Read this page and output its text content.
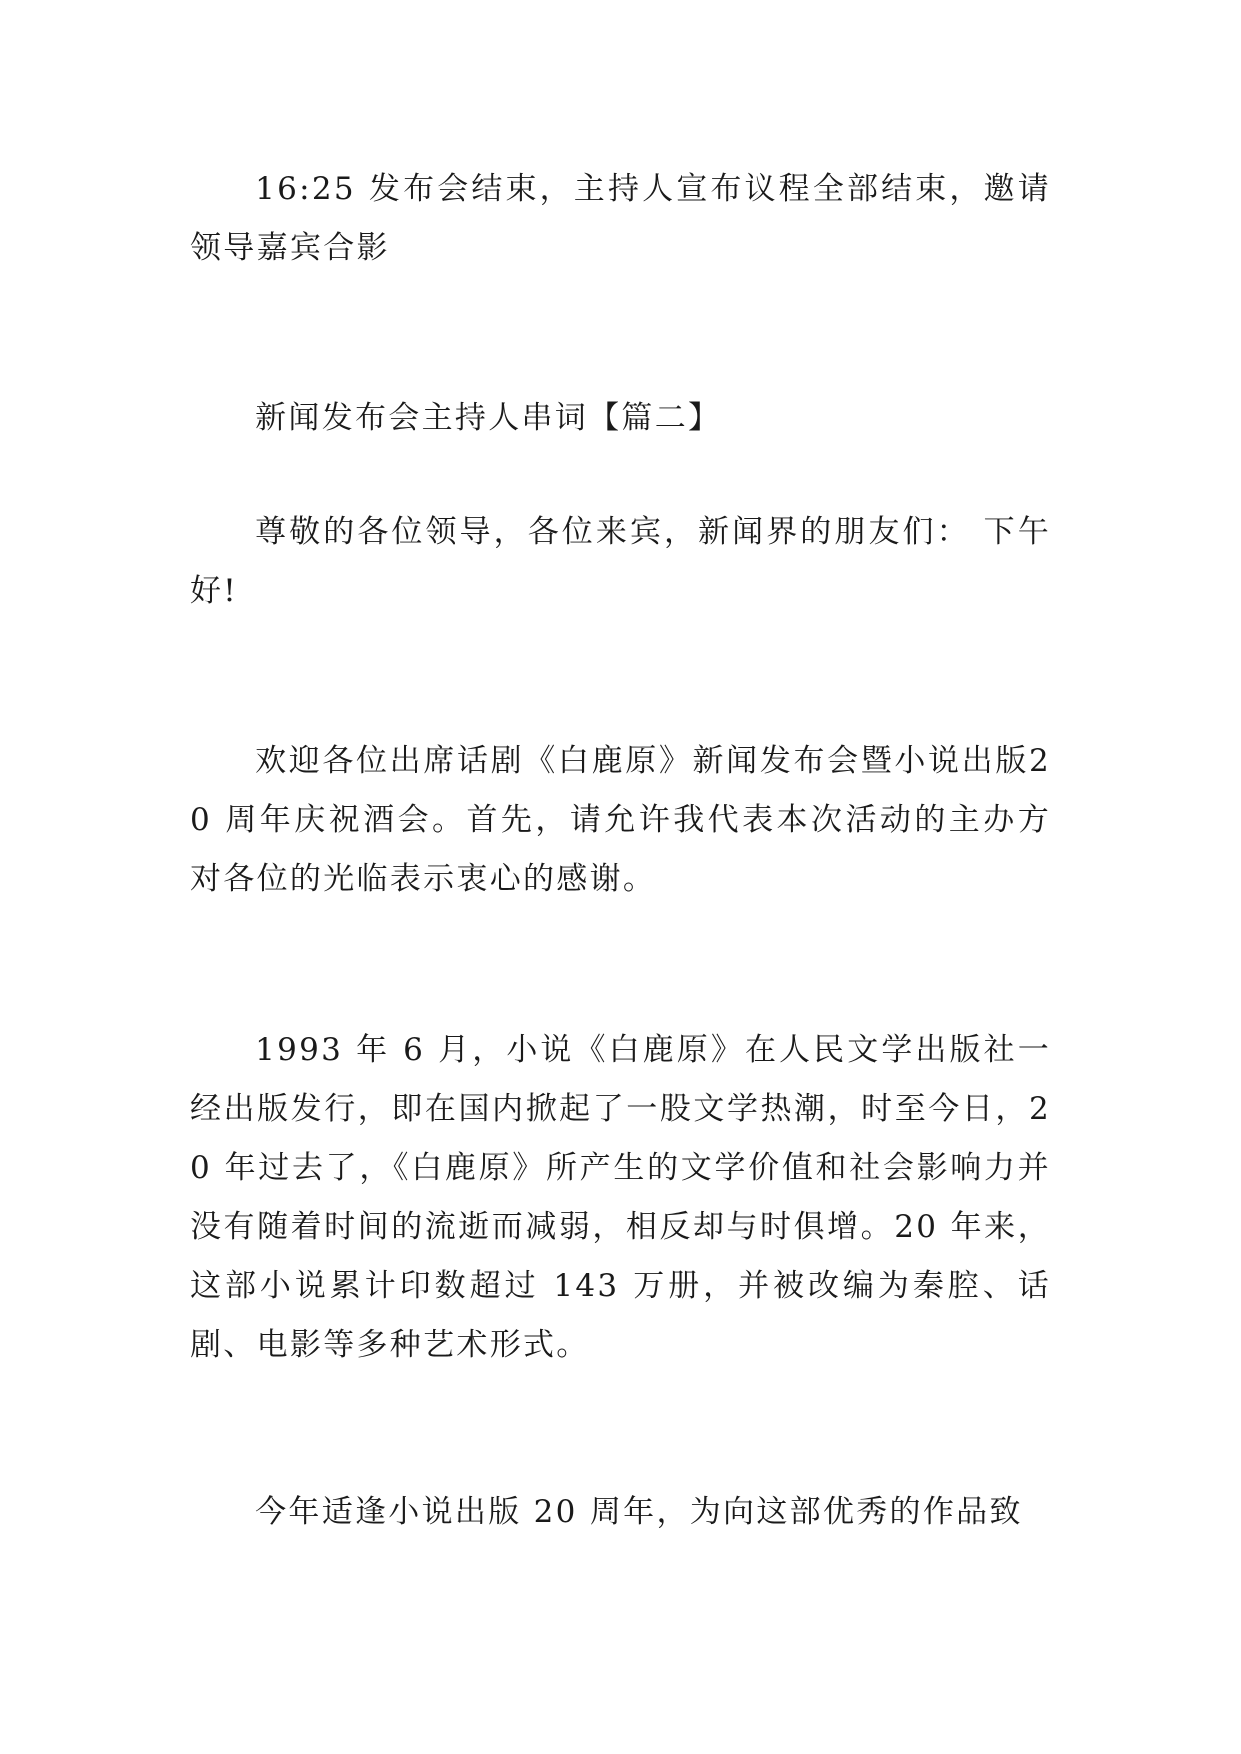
16:25 发布会结束，主持人宣布议程全部结束，邀请领导嘉宾合影

新闻发布会主持人串词【篇二】

尊敬的各位领导，各位来宾，新闻界的朋友们： 下午好!

欢迎各位出席话剧《白鹿原》新闻发布会暨小说出版20 周年庆祝酒会。首先，请允许我代表本次活动的主办方对各位的光临表示衷心的感谢。

1993 年 6 月，小说《白鹿原》在人民文学出版社一经出版发行，即在国内掀起了一股文学热潮，时至今日，20 年过去了，《白鹿原》所产生的文学价值和社会影响力并没有随着时间的流逝而减弱，相反却与时俱增。20 年来，这部小说累计印数超过 143 万册，并被改编为秦腔、话剧、电影等多种艺术形式。

今年适逢小说出版 20 周年，为向这部优秀的作品致
